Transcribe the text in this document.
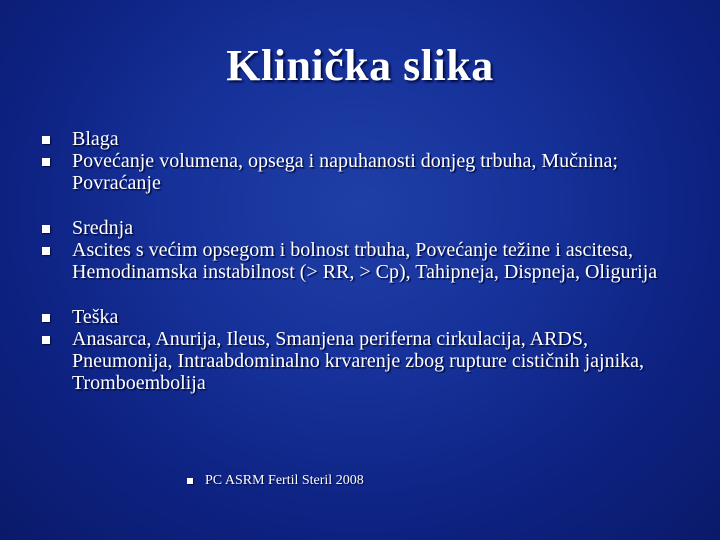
Klinička slika
Blaga
Povećanje volumena, opsega i napuhanosti donjeg trbuha, Mučnina; Povraćanje
Srednja
Ascites s većim opsegom i bolnost trbuha, Povećanje težine i ascitesa, Hemodinamska instabilnost (> RR, > Cp), Tahipneja, Dispneja, Oligurija
Teška
Anasarca, Anurija, Ileus, Smanjena periferna cirkulacija, ARDS, Pneumonija, Intraabdominalno krvarenje zbog rupture cističnih jajnika, Tromboembolija
PC ASRM Fertil Steril 2008
